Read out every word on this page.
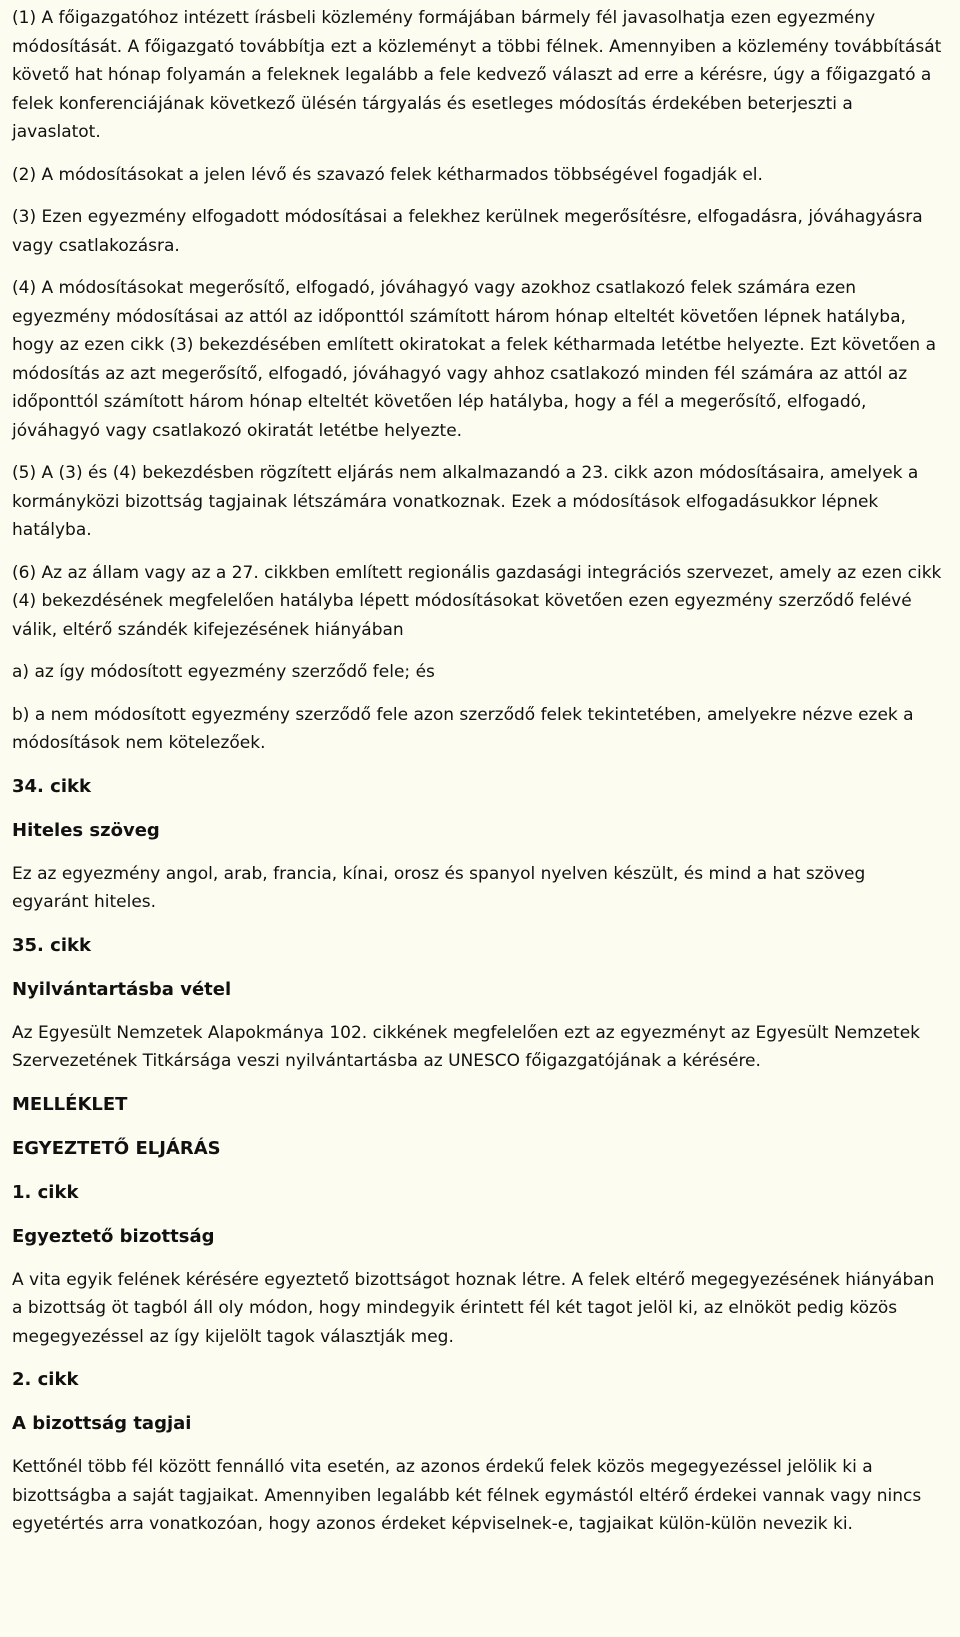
(1) A főigazgatóhoz intézett írásbeli közlemény formájában bármely fél javasolhatja ezen egyezmény módosítását. A főigazgató továbbítja ezt a közleményt a többi félnek. Amennyiben a közlemény továbbítását követő hat hónap folyamán a feleknek legalább a fele kedvező választ ad erre a kérésre, úgy a főigazgató a felek konferenciájának következő ülésén tárgyalás és esetleges módosítás érdekében beterjeszti a javaslatot.

(2) A módosításokat a jelen lévő és szavazó felek kétharmados többségével fogadják el.

(3) Ezen egyezmény elfogadott módosításai a felekhez kerülnek megerősítésre, elfogadásra, jóváhagyásra vagy csatlakozásra.

(4) A módosításokat megerősítő, elfogadó, jóváhagyó vagy azokhoz csatlakozó felek számára ezen egyezmény módosításai az attól az időponttól számított három hónap elteltét követően lépnek hatályba, hogy az ezen cikk (3) bekezdésében említett okiratokat a felek kétharmada letétbe helyezte. Ezt követően a módosítás az azt megerősítő, elfogadó, jóváhagyó vagy ahhoz csatlakozó minden fél számára az attól az időponttól számított három hónap elteltét követően lép hatályba, hogy a fél a megerősítő, elfogadó, jóváhagyó vagy csatlakozó okiratát letétbe helyezte.

(5) A (3) és (4) bekezdésben rögzített eljárás nem alkalmazandó a 23. cikk azon módosításaira, amelyek a kormányközi bizottság tagjainak létszámára vonatkoznak. Ezek a módosítások elfogadásukkor lépnek hatályba.

(6) Az az állam vagy az a 27. cikkben említett regionális gazdasági integrációs szervezet, amely az ezen cikk (4) bekezdésének megfelelően hatályba lépett módosításokat követően ezen egyezmény szerződő felévé válik, eltérő szándék kifejezésének hiányában

a) az így módosított egyezmény szerződő fele; és

b) a nem módosított egyezmény szerződő fele azon szerződő felek tekintetében, amelyekre nézve ezek a módosítások nem kötelezőek.

34. cikk
Hiteles szöveg

Ez az egyezmény angol, arab, francia, kínai, orosz és spanyol nyelven készült, és mind a hat szöveg egyaránt hiteles.

35. cikk
Nyilvántartásba vétel

Az Egyesült Nemzetek Alapokmánya 102. cikkének megfelelően ezt az egyezményt az Egyesült Nemzetek Szervezetének Titkársága veszi nyilvántartásba az UNESCO főigazgatójának a kérésére.

MELLÉKLET
EGYEZTETŐ ELJÁRÁS
1. cikk
Egyeztető bizottság

A vita egyik felének kérésére egyeztető bizottságot hoznak létre. A felek eltérő megegyezésének hiányában a bizottság öt tagból áll oly módon, hogy mindegyik érintett fél két tagot jelöl ki, az elnököt pedig közös megegyezéssel az így kijelölt tagok választják meg.

2. cikk
A bizottság tagjai

Kettőnél több fél között fennálló vita esetén, az azonos érdekű felek közös megegyezéssel jelölik ki a bizottságba a saját tagjaikat. Amennyiben legalább két félnek egymástól eltérő érdekei vannak vagy nincs egyetértés arra vonatkozóan, hogy azonos érdeket képviselnek-e, tagjaikat külön-külön nevezik ki.
